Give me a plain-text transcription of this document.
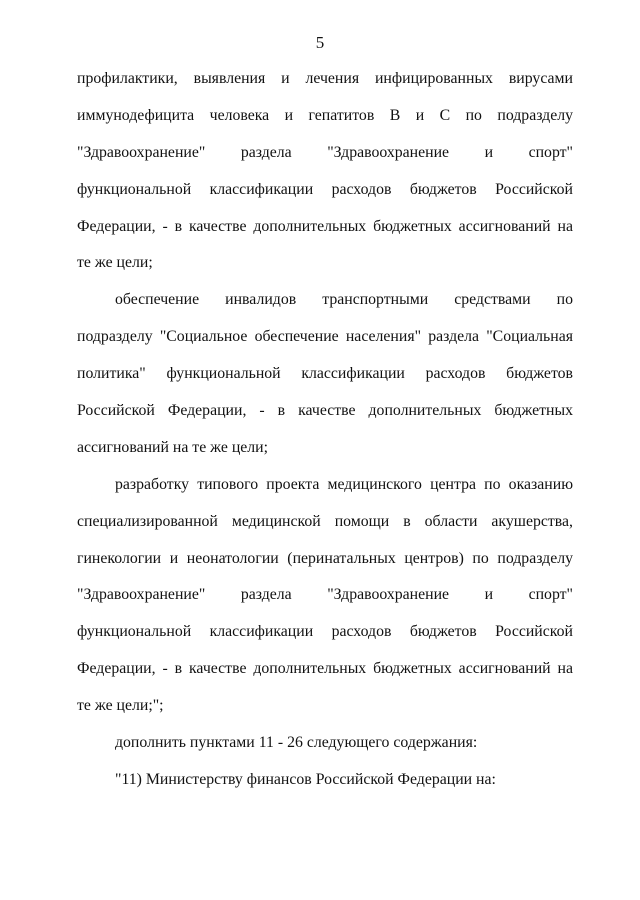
5
профилактики, выявления и лечения инфицированных вирусами
иммунодефицита человека и гепатитов В и С по подразделу
"Здравоохранение" раздела "Здравоохранение и спорт"
функциональной классификации расходов бюджетов Российской
Федерации, - в качестве дополнительных бюджетных ассигнований на
те же цели;
обеспечение инвалидов транспортными средствами по
подразделу "Социальное обеспечение населения" раздела "Социальная
политика" функциональной классификации расходов бюджетов
Российской Федерации, - в качестве дополнительных бюджетных
ассигнований на те же цели;
разработку типового проекта медицинского центра по оказанию
специализированной медицинской помощи в области акушерства,
гинекологии и неонатологии (перинатальных центров) по подразделу
"Здравоохранение" раздела "Здравоохранение и спорт"
функциональной классификации расходов бюджетов Российской
Федерации, - в качестве дополнительных бюджетных ассигнований на
те же цели;";
дополнить пунктами 11 - 26 следующего содержания:
"11) Министерству финансов Российской Федерации на:
